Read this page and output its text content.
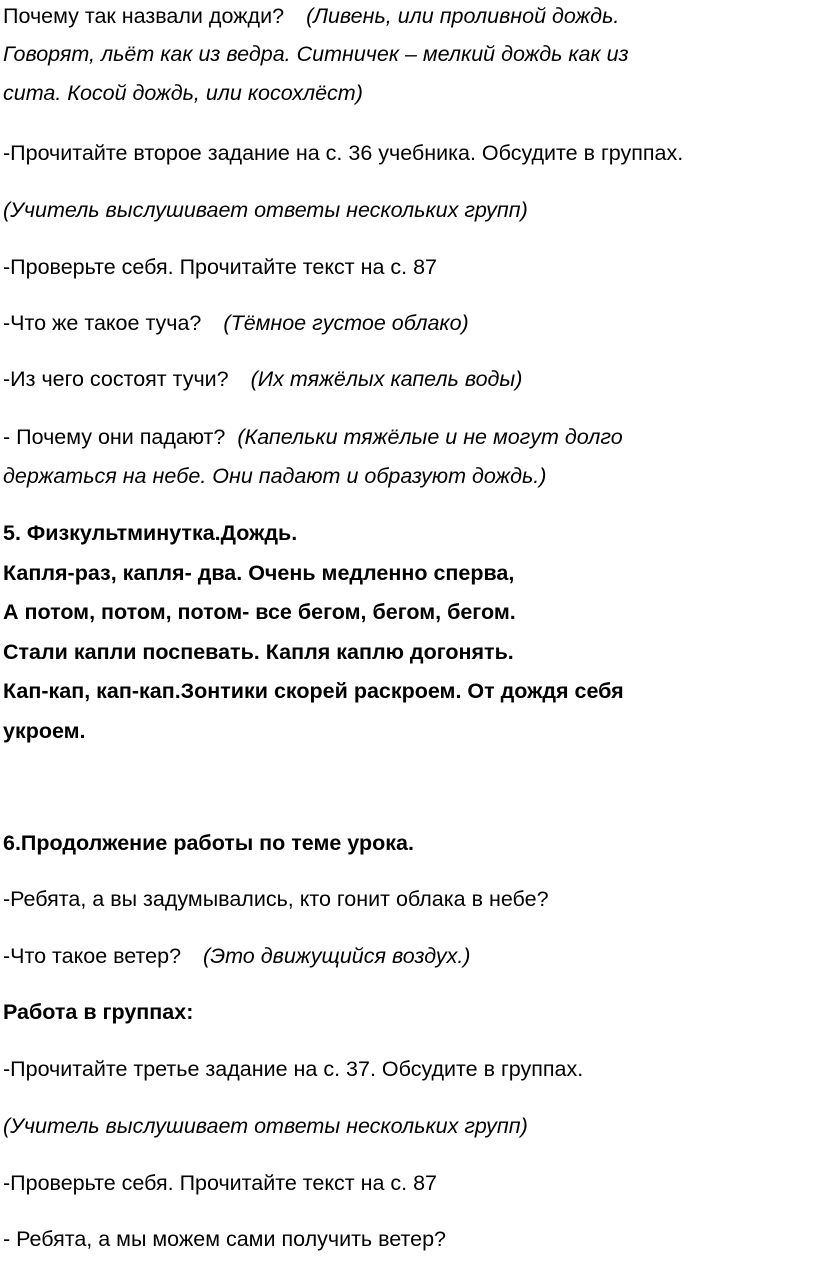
Почему так назвали дожди? (Ливень, или проливной дождь.
Говорят, льёт как из ведра. Ситничек – мелкий дождь как из
сита. Косой дождь, или косохлёст)
-Прочитайте второе задание на с. 36 учебника. Обсудите в группах.
(Учитель выслушивает ответы нескольких групп)
-Проверьте себя. Прочитайте текст на с. 87
-Что же такое туча? (Тёмное густое облако)
-Из чего состоят тучи? (Их тяжёлых капель воды)
- Почему они падают? (Капельки тяжёлые и не могут долго
держаться на небе. Они падают и образуют дождь.)
5. Физкультминутка.Дождь.
Капля-раз, капля- два. Очень медленно сперва,
А потом, потом, потом- все бегом, бегом, бегом.
Стали капли поспевать. Капля каплю догонять.
Кап-кап, кап-кап.Зонтики скорей раскроем. От дождя себя
укроем.
6.Продолжение работы по теме урока.
-Ребята, а вы задумывались, кто гонит облака в небе?
-Что такое ветер? (Это движущийся воздух.)
Работа в группах:
-Прочитайте третье задание на с. 37. Обсудите в группах.
(Учитель выслушивает ответы нескольких групп)
-Проверьте себя. Прочитайте текст на с. 87
- Ребята, а мы можем сами получить ветер?
